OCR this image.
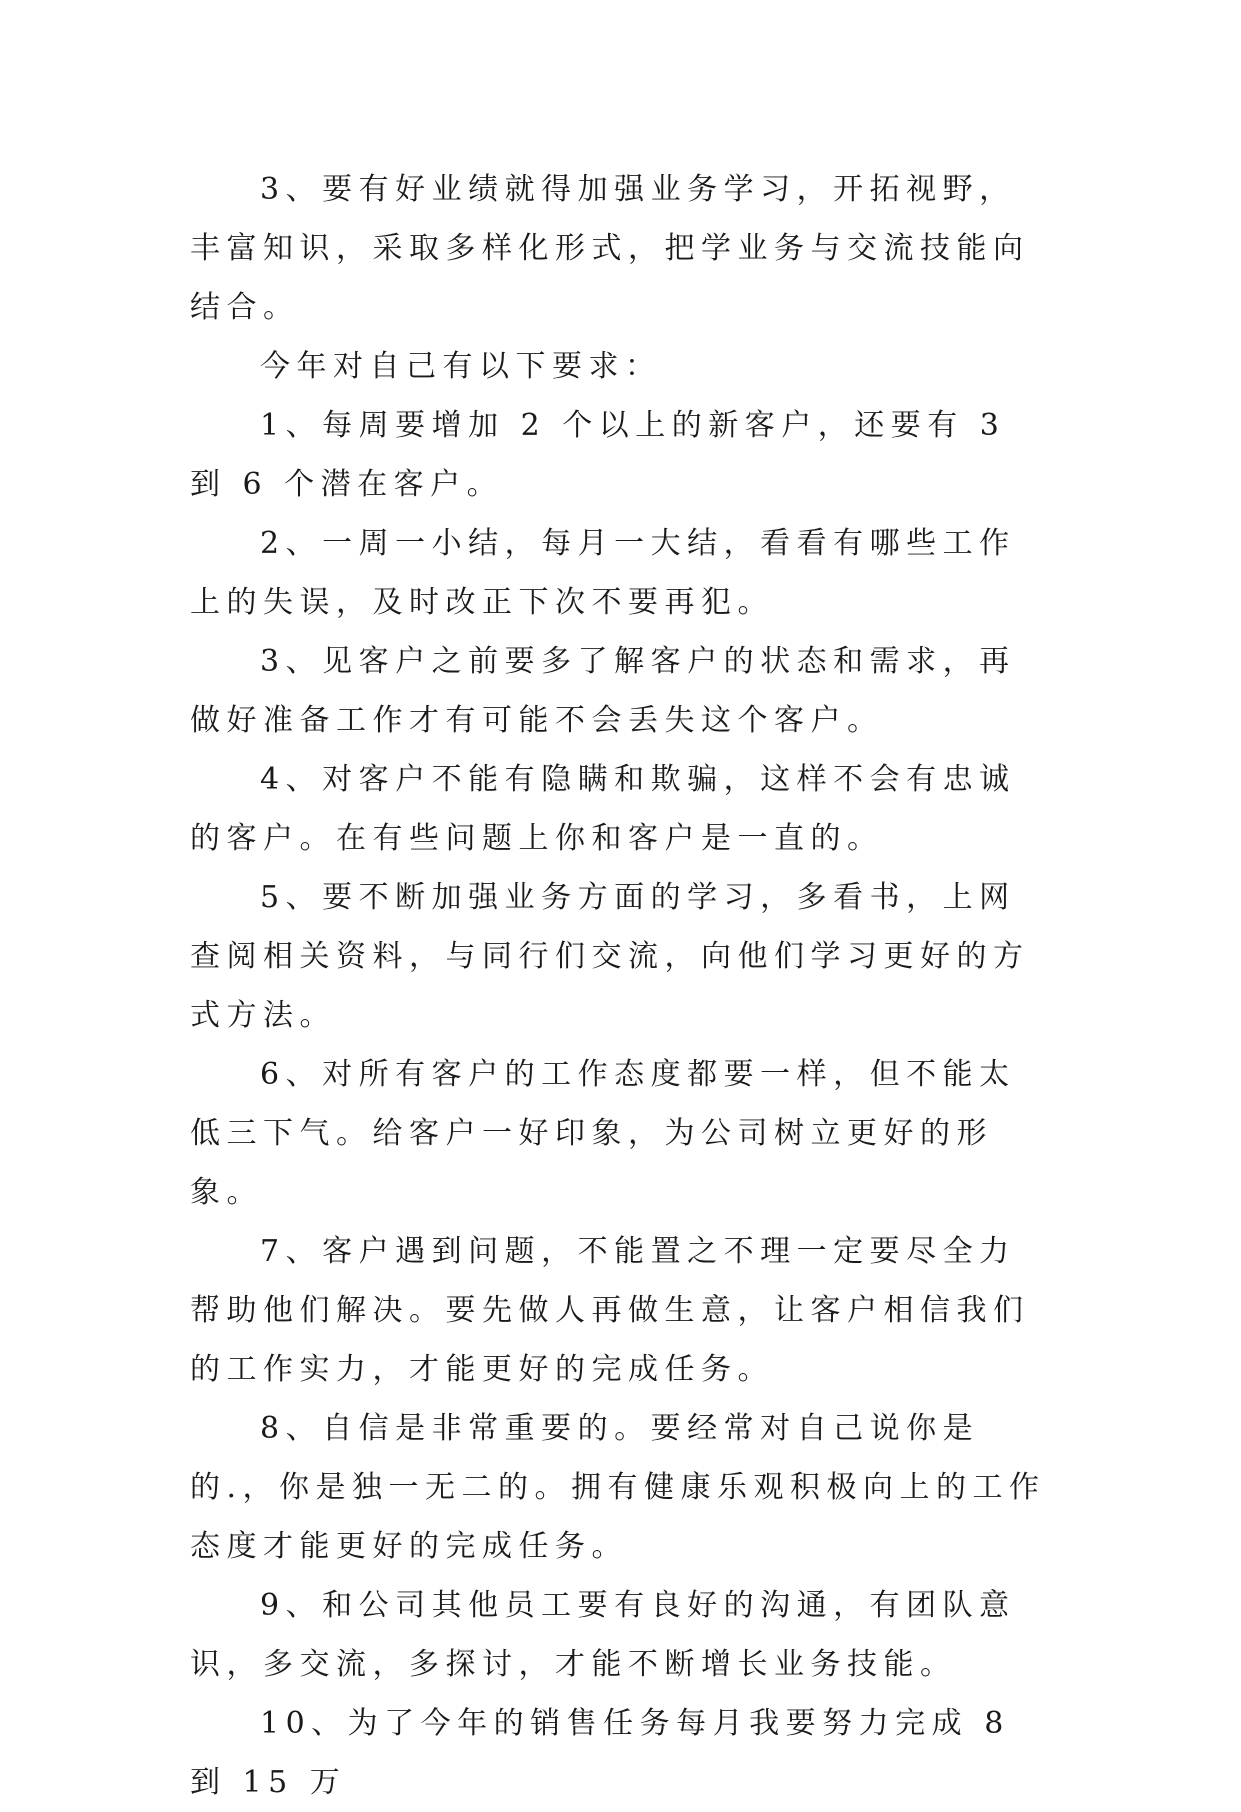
3、要有好业绩就得加强业务学习，开拓视野，丰富知识，采取多样化形式，把学业务与交流技能向结合。

今年对自己有以下要求：

1、每周要增加 2 个以上的新客户，还要有 3 到 6 个潜在客户。

2、一周一小结，每月一大结，看看有哪些工作上的失误，及时改正下次不要再犯。

3、见客户之前要多了解客户的状态和需求，再做好准备工作才有可能不会丢失这个客户。

4、对客户不能有隐瞒和欺骗，这样不会有忠诚的客户。在有些问题上你和客户是一直的。

5、要不断加强业务方面的学习，多看书，上网查阅相关资料，与同行们交流，向他们学习更好的方式方法。

6、对所有客户的工作态度都要一样，但不能太低三下气。给客户一好印象，为公司树立更好的形象。

7、客户遇到问题，不能置之不理一定要尽全力帮助他们解决。要先做人再做生意，让客户相信我们的工作实力，才能更好的完成任务。

8、自信是非常重要的。要经常对自己说你是的.，你是独一无二的。拥有健康乐观积极向上的工作态度才能更好的完成任务。

9、和公司其他员工要有良好的沟通，有团队意识，多交流，多探讨，才能不断增长业务技能。

10、为了今年的销售任务每月我要努力完成 8 到 15 万
